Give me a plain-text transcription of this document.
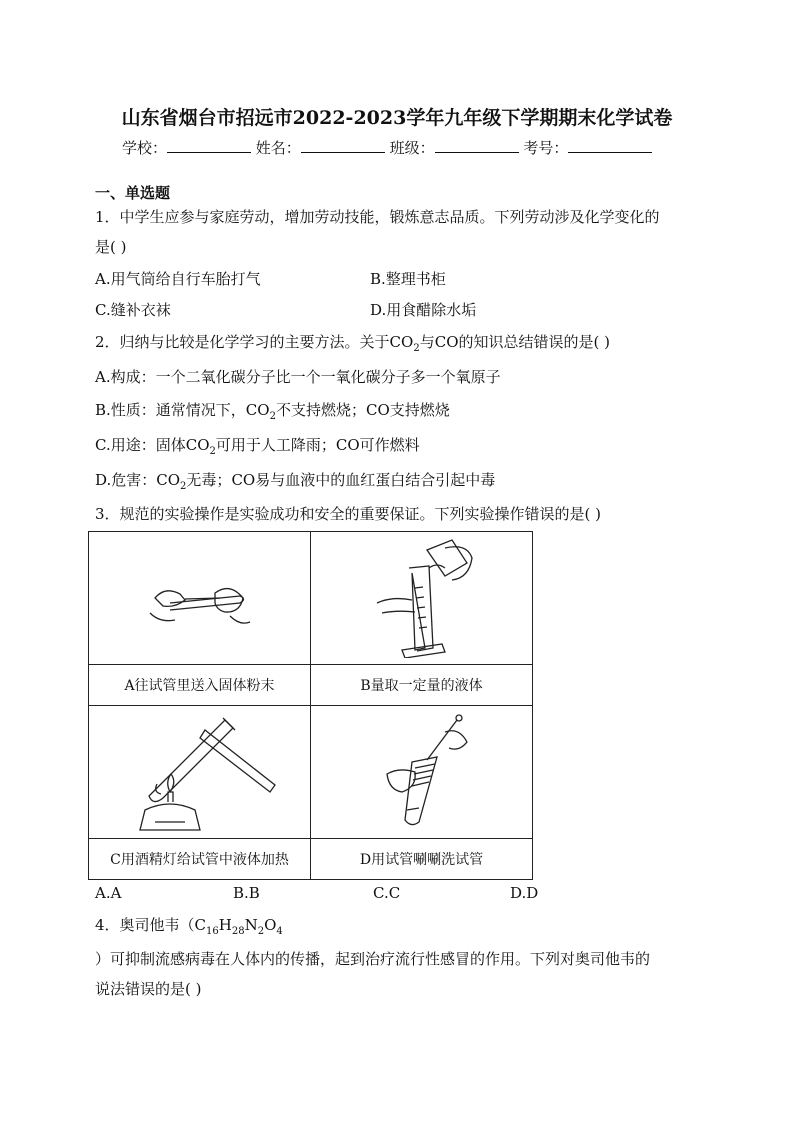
山东省烟台市招远市2022-2023学年九年级下学期期末化学试卷
学校：	姓名：	班级：	考号：
一、单选题
1．中学生应参与家庭劳动，增加劳动技能，锻炼意志品质。下列劳动涉及化学变化的
是( )
A.用气筒给自行车胎打气	B.整理书柜
C.缝补衣袜	D.用食醋除水垢
2．归纳与比较是化学学习的主要方法。关于$CO_2$与CO的知识总结错误的是( )
A.构成：一个二氧化碳分子比一个一氧化碳分子多一个氧原子
B.性质：通常情况下，$CO_2$不支持燃烧；CO支持燃烧
C.用途：固体$CO_2$可用于人工降雨；CO可作燃料
D.危害：$CO_2$无毒；CO易与血液中的血红蛋白结合引起中毒
3．规范的实验操作是实验成功和安全的重要保证。下列实验操作错误的是( )

A往试管里送入固体粉末	B量取一定量的液体

C用酒精灯给试管中液体加热	D用试管唰唰洗试管
A.A	B.B	C.C	D.D
4．奥司他韦（$C_{16}H_{28}N_2O_4$
）可抑制流感病毒在人体内的传播，起到治疗流行性感冒的作用。下列对奥司他韦的
说法错误的是( )
